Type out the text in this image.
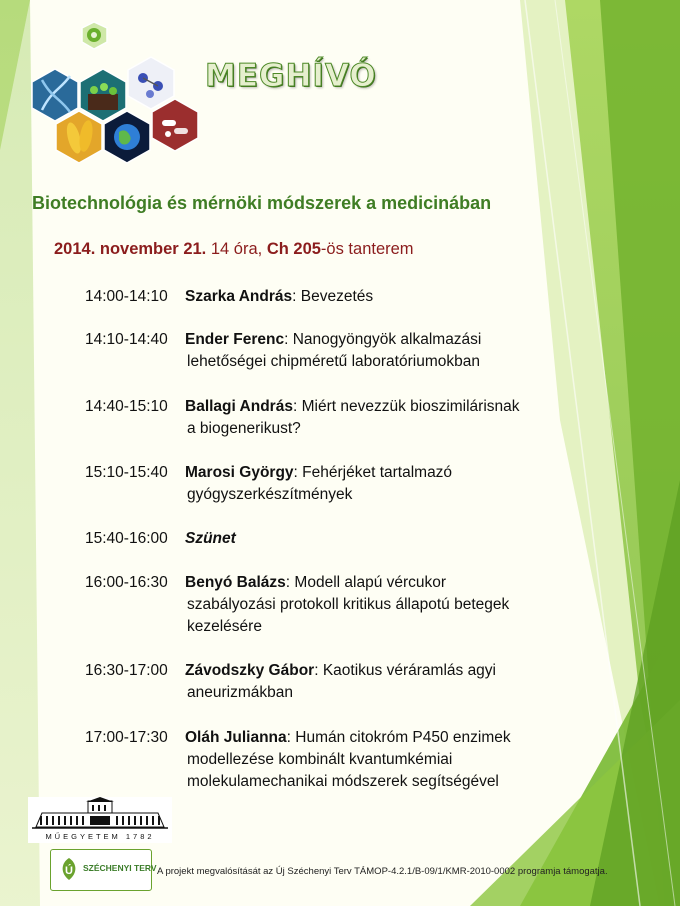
MEGHÍVÓ
Biotechnológia és mérnöki módszerek a medicinában
2014. november 21. 14 óra, Ch 205-ös tanterem
14:00-14:10 Szarka András: Bevezetés
14:10-14:40 Ender Ferenc: Nanogyöngyök alkalmazási
lehetőségei chipméretű laboratóriumokban
14:40-15:10 Ballagi András: Miért nevezzük bioszimilárisnak
a biogenerikust?
15:10-15:40 Marosi György: Fehérjéket tartalmazó
gyógyszerkészítmények
15:40-16:00 Szünet
16:00-16:30 Benyó Balázs: Modell alapú vércukor
szabályozási protokoll kritikus állapotú betegek
kezelésére
16:30-17:00 Závodszky Gábor: Kaotikus véráramlás agyi
aneurizmákban
17:00-17:30 Oláh Julianna: Humán citokróm P450 enzimek
modellezése kombinált kvantumkémiai
molekulamechanikai módszerek segítségével
MŰEGYETEM 1782
Ú SZÉCHENYI TERV A projekt megvalósítását az Új Széchenyi Terv TÁMOP-4.2.1/B-09/1/KMR-2010-0002 programja támogatja.
